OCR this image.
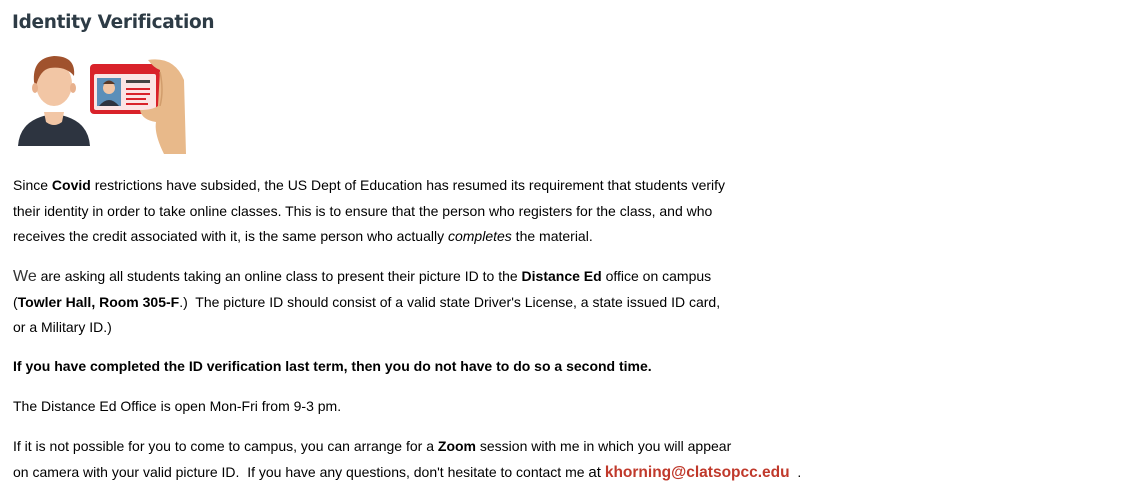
Identity Verification

Since Covid restrictions have subsided, the US Dept of Education has resumed its requirement that students verify
their identity in order to take online classes. This is to ensure that the person who registers for the class, and who
receives the credit associated with it, is the same person who actually completes the material.

We are asking all students taking an online class to present their picture ID to the Distance Ed office on campus
(Towler Hall, Room 305-F.)  The picture ID should consist of a valid state Driver's License, a state issued ID card,
or a Military ID.)

If you have completed the ID verification last term, then you do not have to do so a second time.

The Distance Ed Office is open Mon-Fri from 9-3 pm.

If it is not possible for you to come to campus, you can arrange for a Zoom session with me in which you will appear
on camera with your valid picture ID.  If you have any questions, don't hesitate to contact me at khorning@clatsopcc.edu  .
